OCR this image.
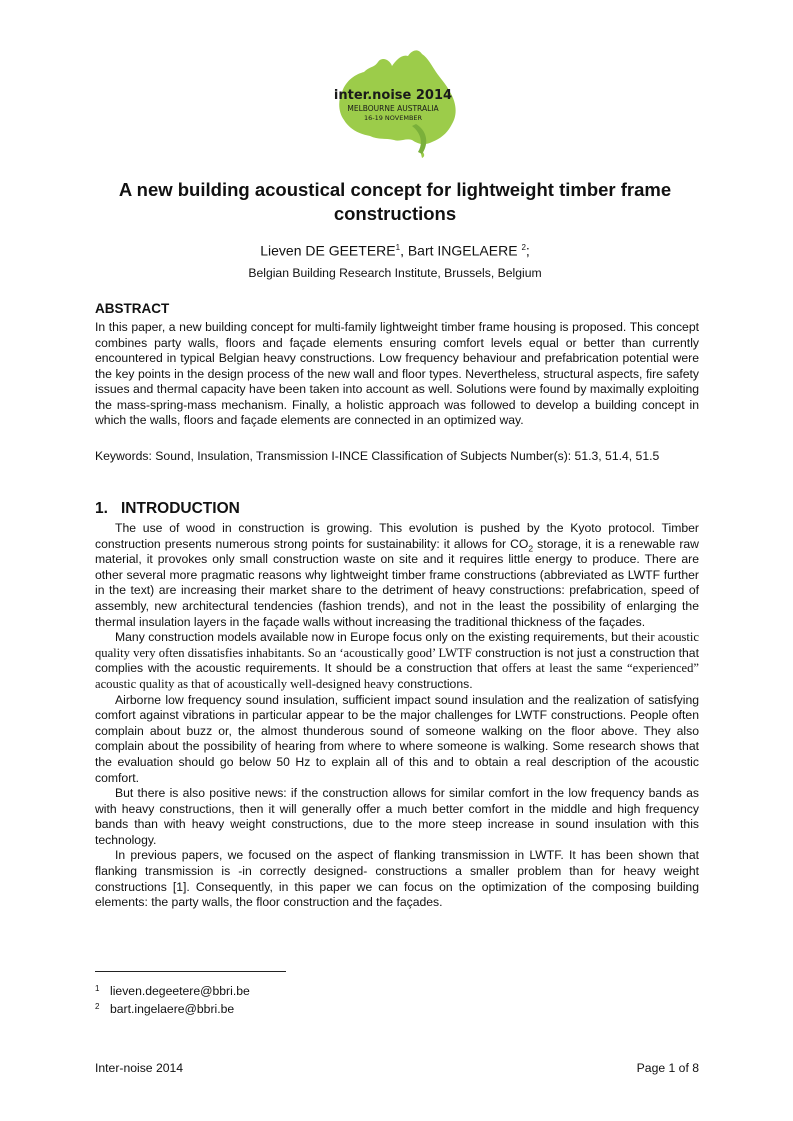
inter.noise 2014
MELBOURNE AUSTRALIA
16-19 NOVEMBER
A new building acoustical concept for lightweight timber frame constructions
Lieven DE GEETERE$^1$, Bart INGELAERE $^2$;
Belgian Building Research Institute, Brussels, Belgium
ABSTRACT

In this paper, a new building concept for multi-family lightweight timber frame housing is proposed. This concept combines party walls, floors and façade elements ensuring comfort levels equal or better than currently encountered in typical Belgian heavy constructions. Low frequency behaviour and prefabrication potential were the key points in the design process of the new wall and floor types. Nevertheless, structural aspects, fire safety issues and thermal capacity have been taken into account as well. Solutions were found by maximally exploiting the mass-spring-mass mechanism. Finally, a holistic approach was followed to develop a building concept in which the walls, floors and façade elements are connected in an optimized way.

Keywords: Sound, Insulation, Transmission I-INCE Classification of Subjects Number(s): 51.3, 51.4, 51.5

1. INTRODUCTION

The use of wood in construction is growing. This evolution is pushed by the Kyoto protocol. Timber construction presents numerous strong points for sustainability: it allows for $CO_2$ storage, it is a renewable raw material, it provokes only small construction waste on site and it requires little energy to produce. There are other several more pragmatic reasons why lightweight timber frame constructions (abbreviated as LWTF further in the text) are increasing their market share to the detriment of heavy constructions: prefabrication, speed of assembly, new architectural tendencies (fashion trends), and not in the least the possibility of enlarging the thermal insulation layers in the façade walls without increasing the traditional thickness of the façades.

Many construction models available now in Europe focus only on the existing requirements, but their acoustic quality very often dissatisfies inhabitants. So an ‘acoustically good’ LWTF construction is not just a construction that complies with the acoustic requirements. It should be a construction that offers at least the same “experienced” acoustic quality as that of acoustically well-designed heavy constructions.

Airborne low frequency sound insulation, sufficient impact sound insulation and the realization of satisfying comfort against vibrations in particular appear to be the major challenges for LWTF constructions. People often complain about buzz or, the almost thunderous sound of someone walking on the floor above. They also complain about the possibility of hearing from where to where someone is walking. Some research shows that the evaluation should go below 50 Hz to explain all of this and to obtain a real description of the acoustic comfort.

But there is also positive news: if the construction allows for similar comfort in the low frequency bands as with heavy constructions, then it will generally offer a much better comfort in the middle and high frequency bands than with heavy weight constructions, due to the more steep increase in sound insulation with this technology.

In previous papers, we focused on the aspect of flanking transmission in LWTF. It has been shown that flanking transmission is -in correctly designed- constructions a smaller problem than for heavy weight constructions [1]. Consequently, in this paper we can focus on the optimization of the composing building elements: the party walls, the floor construction and the façades.

$^1$ lieven.degeetere@bbri.be
$^2$ bart.ingelaere@bbri.be
Inter-noise 2014	Page 1 of 8
